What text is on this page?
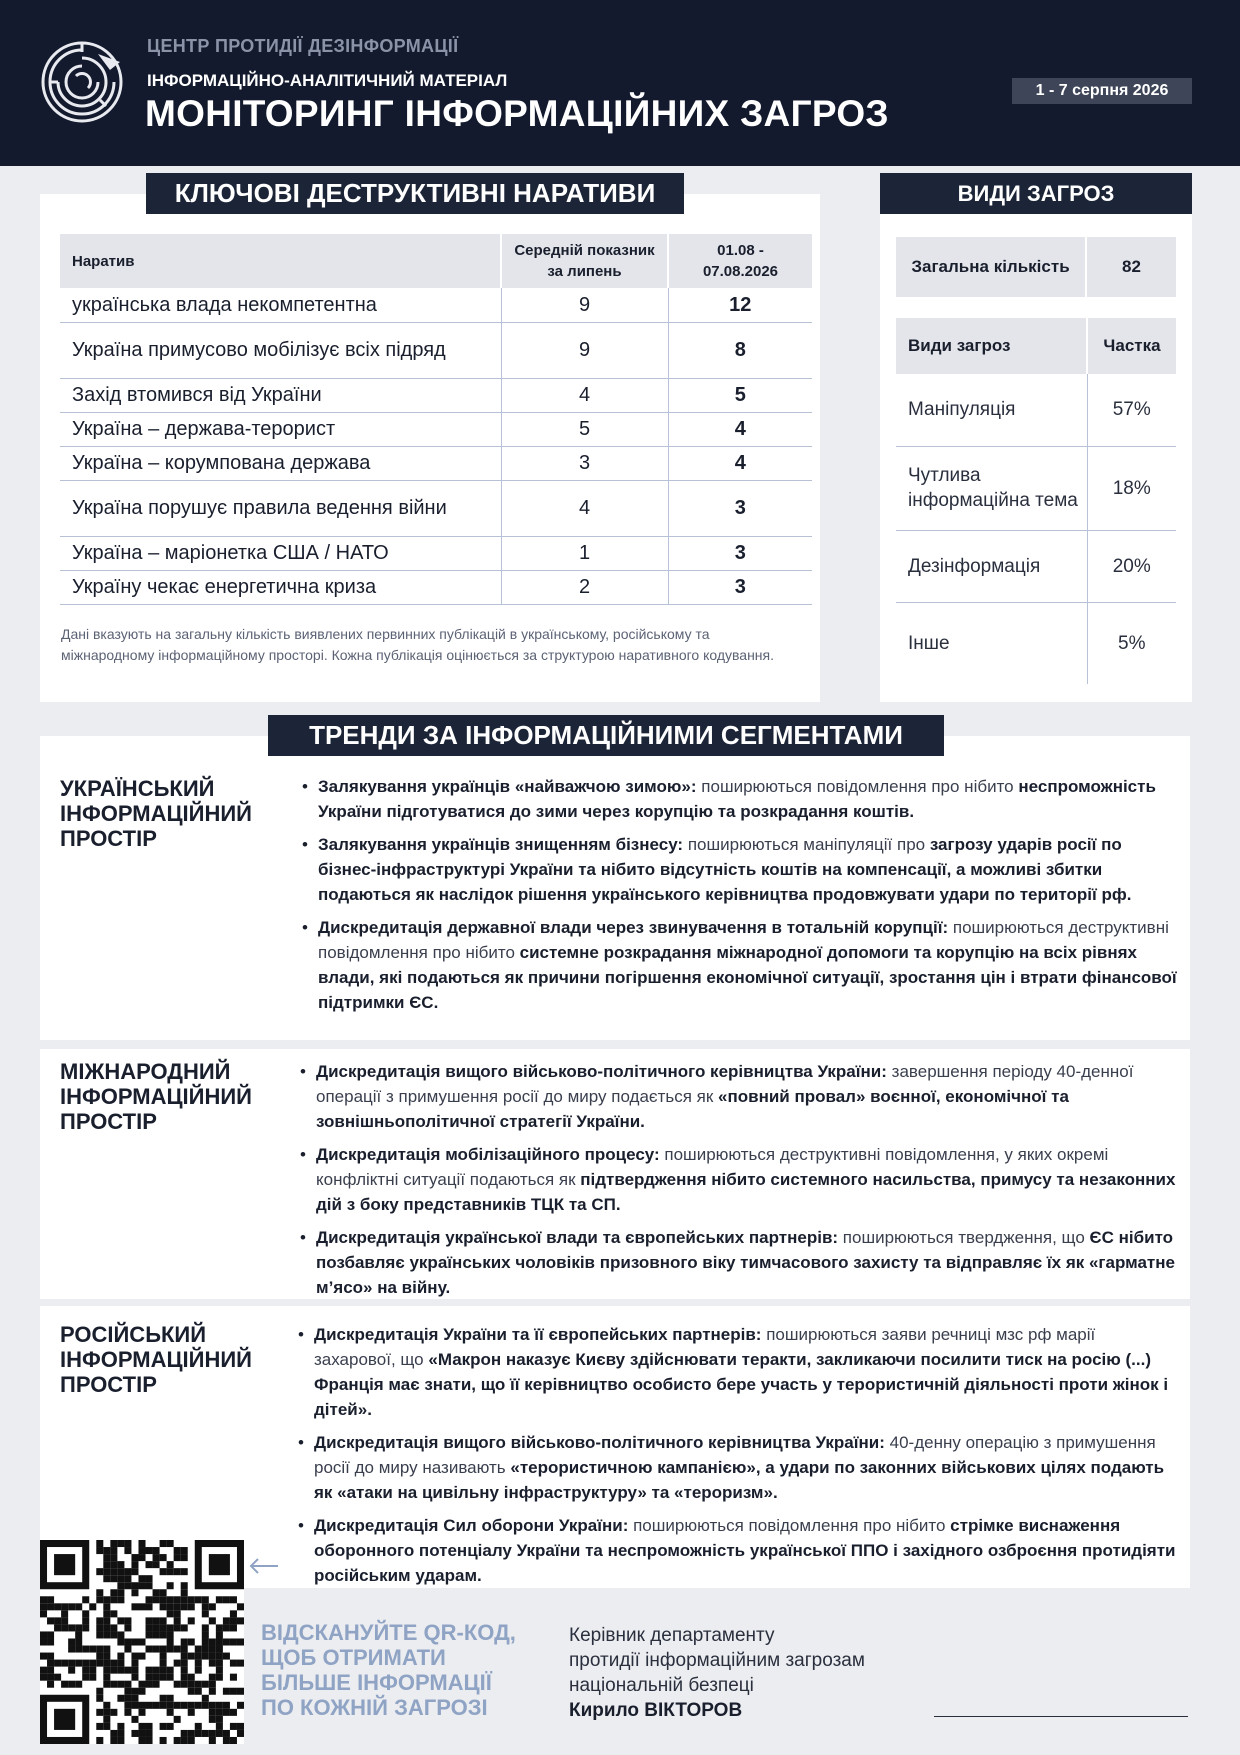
ЦЕНТР ПРОТИДІЇ ДЕЗІНФОРМАЦІЇ
ІНФОРМАЦІЙНО-АНАЛІТИЧНИЙ МАТЕРІАЛ
МОНІТОРИНГ ІНФОРМАЦІЙНИХ ЗАГРОЗ
1 - 7 серпня 2026
КЛЮЧОВІ ДЕСТРУКТИВНІ НАРАТИВИ
Наратив	Середній показник за липень	01.08 - 07.08.2026
українська влада некомпетентна	9	12
Україна примусово мобілізує всіх підряд	9	8
Захід втомився від України	4	5
Україна – держава-терорист	5	4
Україна – корумпована держава	3	4
Україна порушує правила ведення війни	4	3
Україна – маріонетка США / НАТО	1	3
Україну чекає енергетична криза	2	3
Дані вказують на загальну кількість виявлених первинних публікацій в українському, російському та міжнародному інформаційному просторі. Кожна публікація оцінюється за структурою наративного кодування.
ВИДИ ЗАГРОЗ
Загальна кількість	82
Види загроз	Частка
Маніпуляція	57%
Чутлива інформаційна тема	18%
Дезінформація	20%
Інше	5%
УКРАЇНСЬКИЙ ІНФОРМАЦІЙНИЙ ПРОСТІР
• Залякування українців «найважчою зимою»: поширюються повідомлення про нібито неспроможність України підготуватися до зими через корупцію та розкрадання коштів.
• Залякування українців знищенням бізнесу: поширюються маніпуляції про загрозу ударів росії по бізнес-інфраструктурі України та нібито відсутність коштів на компенсації, а можливі збитки подаються як наслідок рішення українського керівництва продовжувати удари по території рф.
• Дискредитація державної влади через звинувачення в тотальній корупції: поширюються деструктивні повідомлення про нібито системне розкрадання міжнародної допомоги та корупцію на всіх рівнях влади, які подаються як причини погіршення економічної ситуації, зростання цін і втрати фінансової підтримки ЄС.
ТРЕНДИ ЗА ІНФОРМАЦІЙНИМИ СЕГМЕНТАМИ
МІЖНАРОДНИЙ ІНФОРМАЦІЙНИЙ ПРОСТІР
• Дискредитація вищого військово-політичного керівництва України: завершення періоду 40-денної операції з примушення росії до миру подається як «повний провал» воєнної, економічної та зовнішньополітичної стратегії України.
• Дискредитація мобілізаційного процесу: поширюються деструктивні повідомлення, у яких окремі конфліктні ситуації подаються як підтвердження нібито системного насильства, примусу та незаконних дій з боку представників ТЦК та СП.
• Дискредитація української влади та європейських партнерів: поширюються твердження, що ЄС нібито позбавляє українських чоловіків призовного віку тимчасового захисту та відправляє їх як «гарматне м’ясо» на війну.
РОСІЙСЬКИЙ ІНФОРМАЦІЙНИЙ ПРОСТІР
• Дискредитація України та її європейських партнерів: поширюються заяви речниці мзс рф марії захарової, що «Макрон наказує Києву здійснювати теракти, закликаючи посилити тиск на росію (...) Франція має знати, що її керівництво особисто бере участь у терористичній діяльності проти жінок і дітей».
• Дискредитація вищого військово-політичного керівництва України: 40-денну операцію з примушення росії до миру називають «терористичною кампанією», а удари по законних військових цілях подають як «атаки на цивільну інфраструктуру» та «тероризм».
• Дискредитація Сил оборони України: поширюються повідомлення про нібито стрімке виснаження оборонного потенціалу України та неспроможність української ППО і західного озброєння протидіяти російським ударам.
ВІДСКАНУЙТЕ QR-КОД,
ЩОБ ОТРИМАТИ
БІЛЬШЕ ІНФОРМАЦІЇ
ПО КОЖНІЙ ЗАГРОЗІ
Керівник департаменту
протидії інформаційним загрозам
національній безпеці
Кирило ВІКТОРОВ
